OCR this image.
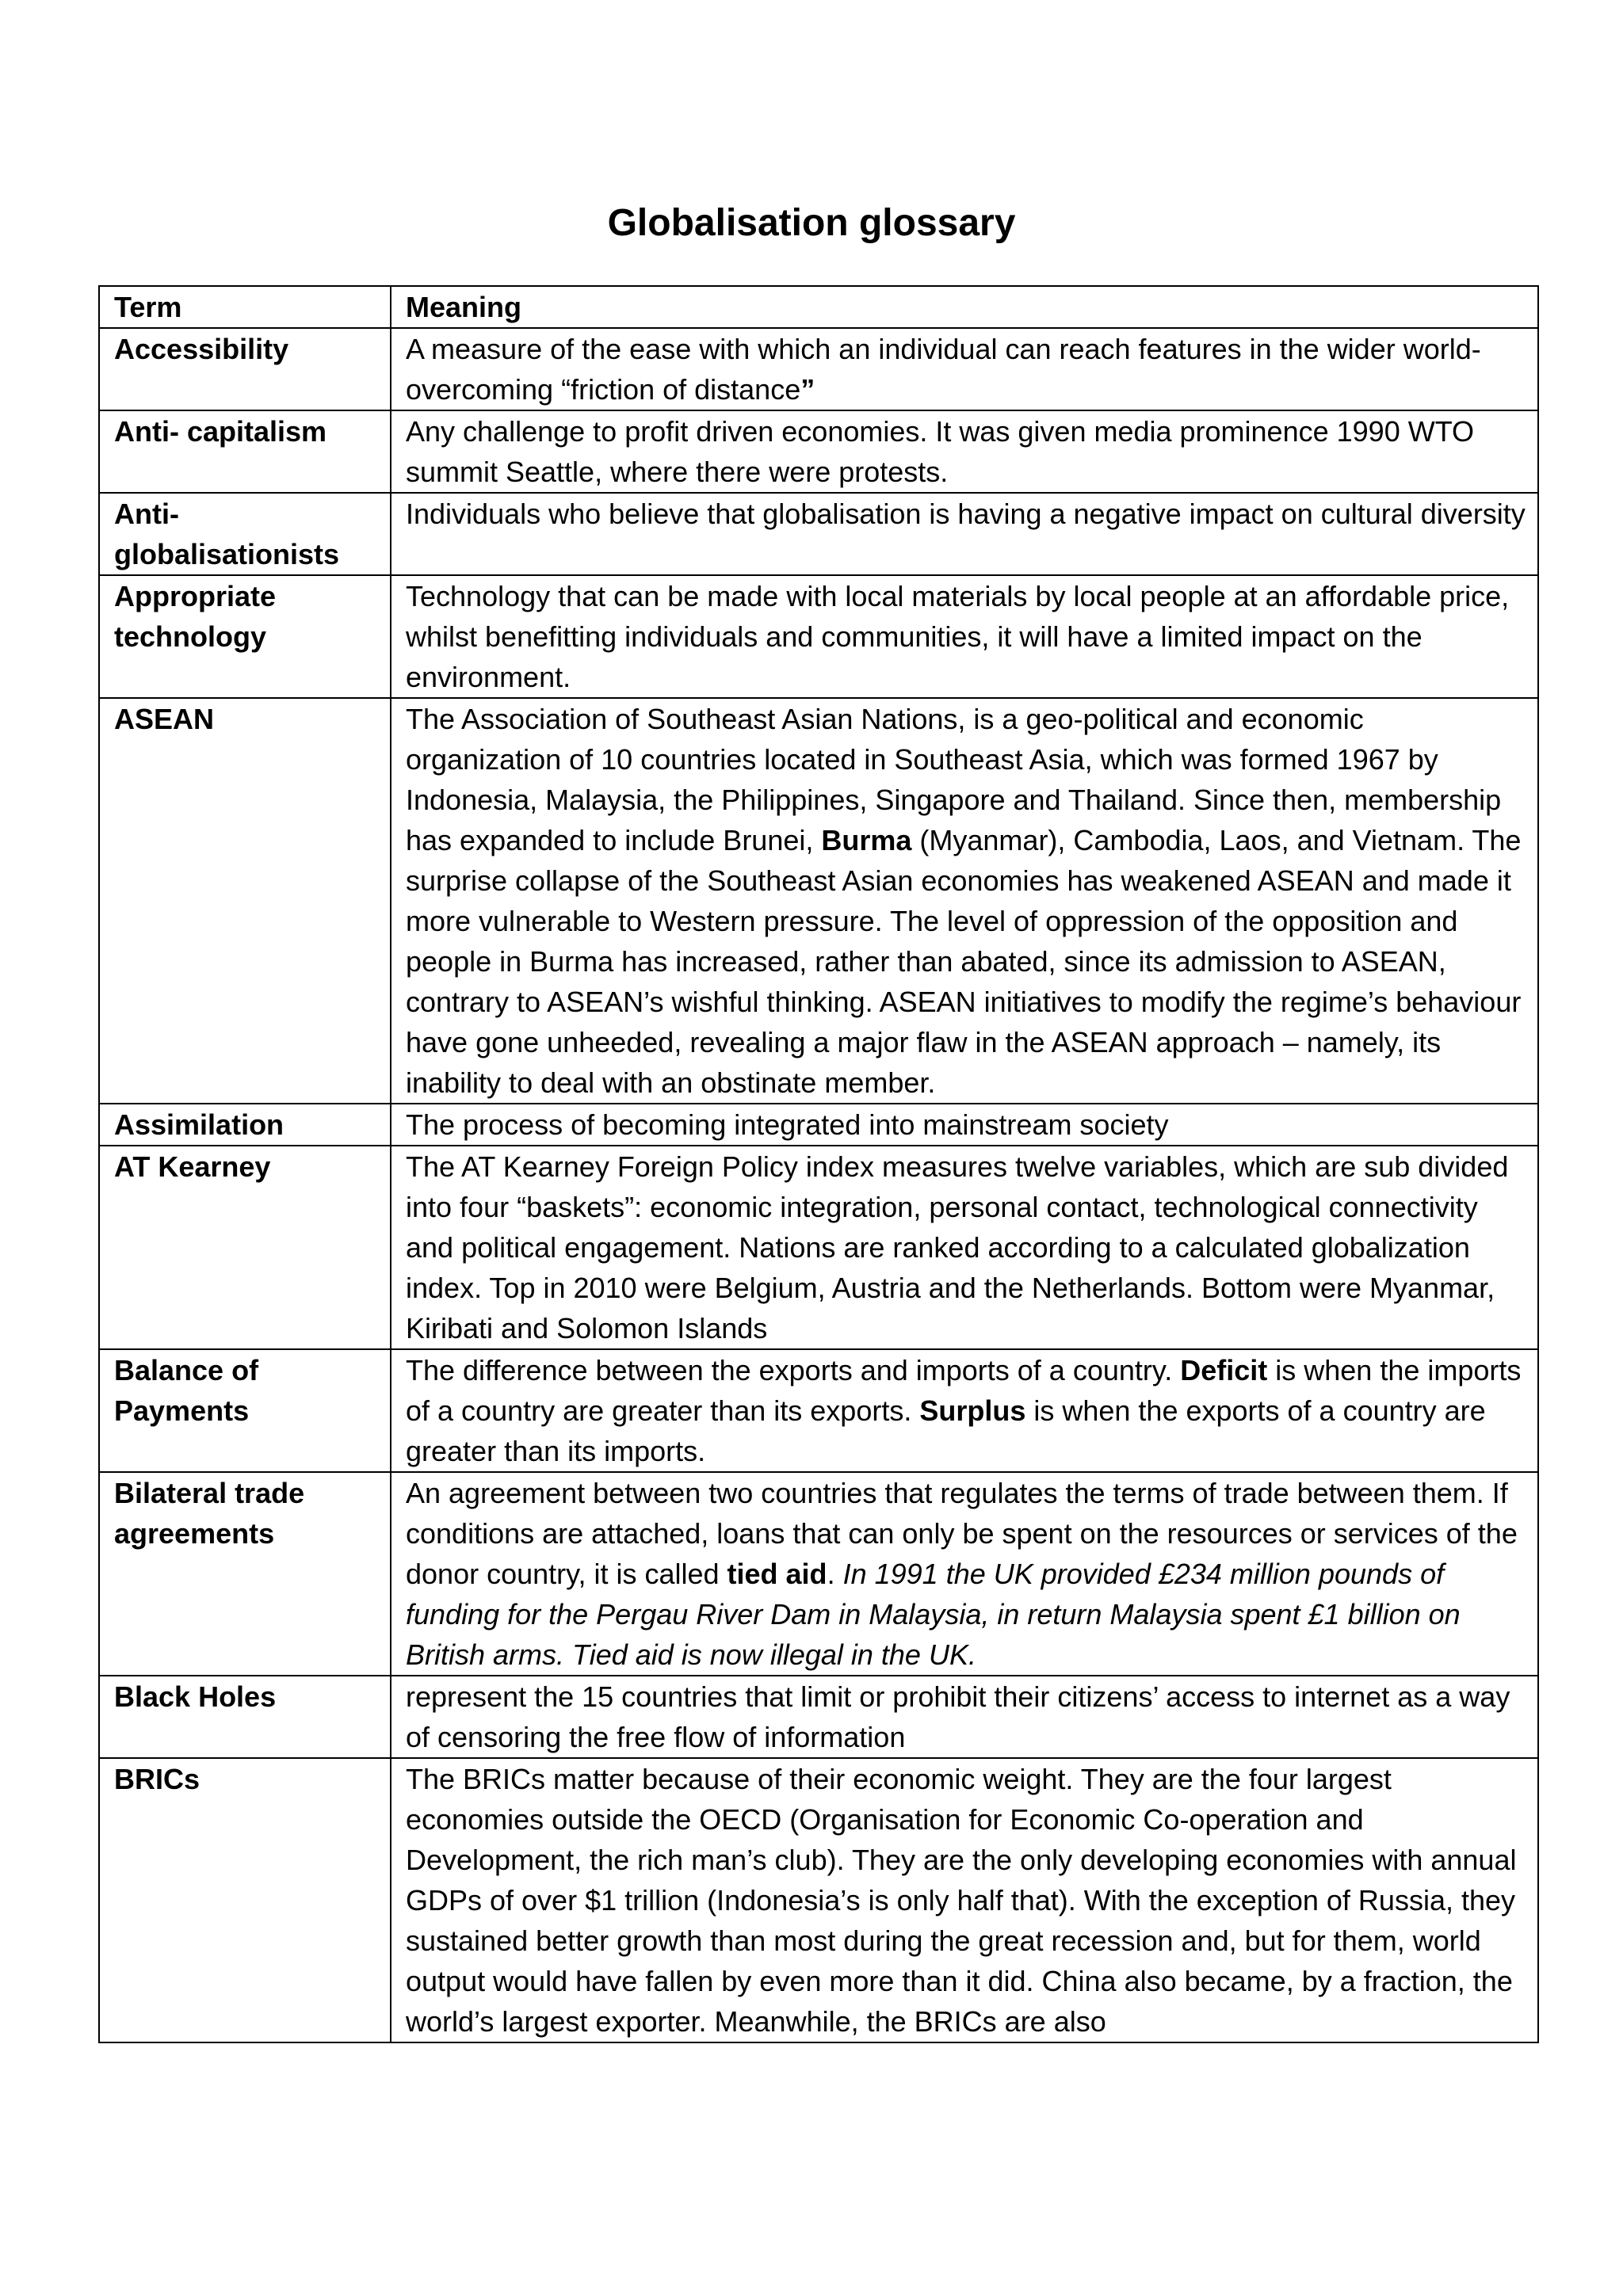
Globalisation glossary
Term	Meaning
Accessibility	A measure of the ease with which an individual can reach features in the wider world- overcoming “friction of distance”
Anti- capitalism	Any challenge to profit driven economies. It was given media prominence 1990 WTO summit Seattle, where there were protests.
Anti- globalisationists	Individuals who believe that globalisation is having a negative impact on cultural diversity
Appropriate technology	Technology that can be made with local materials by local people at an affordable price, whilst benefitting individuals and communities, it will have a limited impact on the environment.
ASEAN	The Association of Southeast Asian Nations, is a geo-political and economic organization of 10 countries located in Southeast Asia, which was formed 1967 by Indonesia, Malaysia, the Philippines, Singapore and Thailand. Since then, membership has expanded to include Brunei, Burma (Myanmar), Cambodia, Laos, and Vietnam. The surprise collapse of the Southeast Asian economies has weakened ASEAN and made it more vulnerable to Western pressure. The level of oppression of the opposition and people in Burma has increased, rather than abated, since its admission to ASEAN, contrary to ASEAN’s wishful thinking. ASEAN initiatives to modify the regime’s behaviour have gone unheeded, revealing a major flaw in the ASEAN approach – namely, its inability to deal with an obstinate member.
Assimilation	The process of becoming integrated into mainstream society
AT Kearney	The AT Kearney Foreign Policy index measures twelve variables, which are sub divided into four “baskets”: economic integration, personal contact, technological connectivity and political engagement. Nations are ranked according to a calculated globalization index. Top in 2010 were Belgium, Austria and the Netherlands. Bottom were Myanmar, Kiribati and Solomon Islands
Balance of Payments	The difference between the exports and imports of a country. Deficit is when the imports of a country are greater than its exports. Surplus is when the exports of a country are greater than its imports.
Bilateral trade agreements	An agreement between two countries that regulates the terms of trade between them. If conditions are attached, loans that can only be spent on the resources or services of the donor country, it is called tied aid. In 1991 the UK provided £234 million pounds of funding for the Pergau River Dam in Malaysia, in return Malaysia spent £1 billion on British arms. Tied aid is now illegal in the UK.
Black Holes	represent the 15 countries that limit or prohibit their citizens’ access to internet as a way of censoring the free flow of information
BRICs	The BRICs matter because of their economic weight. They are the four largest economies outside the OECD (Organisation for Economic Co-operation and Development, the rich man’s club). They are the only developing economies with annual GDPs of over $1 trillion (Indonesia’s is only half that). With the exception of Russia, they sustained better growth than most during the great recession and, but for them, world output would have fallen by even more than it did. China also became, by a fraction, the world’s largest exporter. Meanwhile, the BRICs are also
